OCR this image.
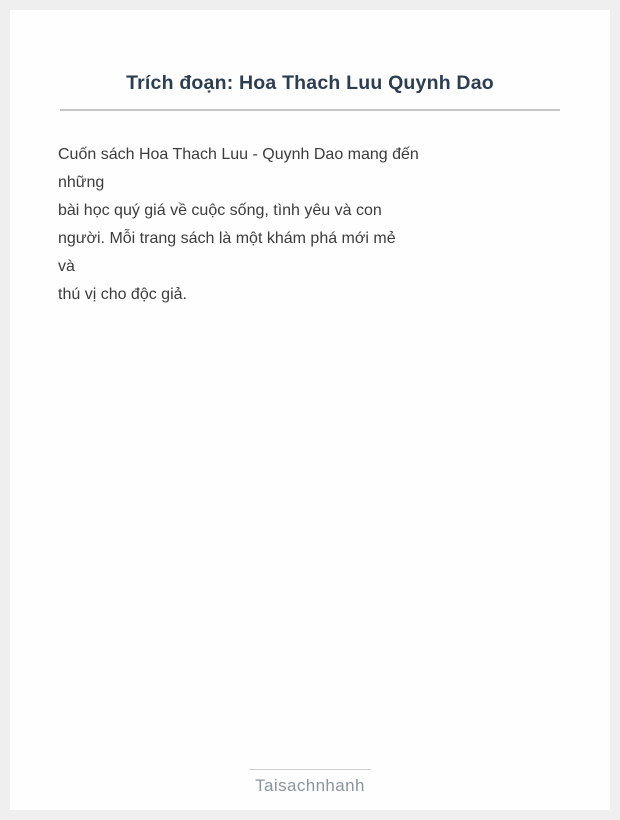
Trích đoạn: Hoa Thach Luu Quynh Dao
Cuốn sách Hoa Thach Luu - Quynh Dao mang đến
những
bài học quý giá về cuộc sống, tình yêu và con
người. Mỗi trang sách là một khám phá mới mẻ
và
thú vị cho độc giả.
Taisachnhanh
